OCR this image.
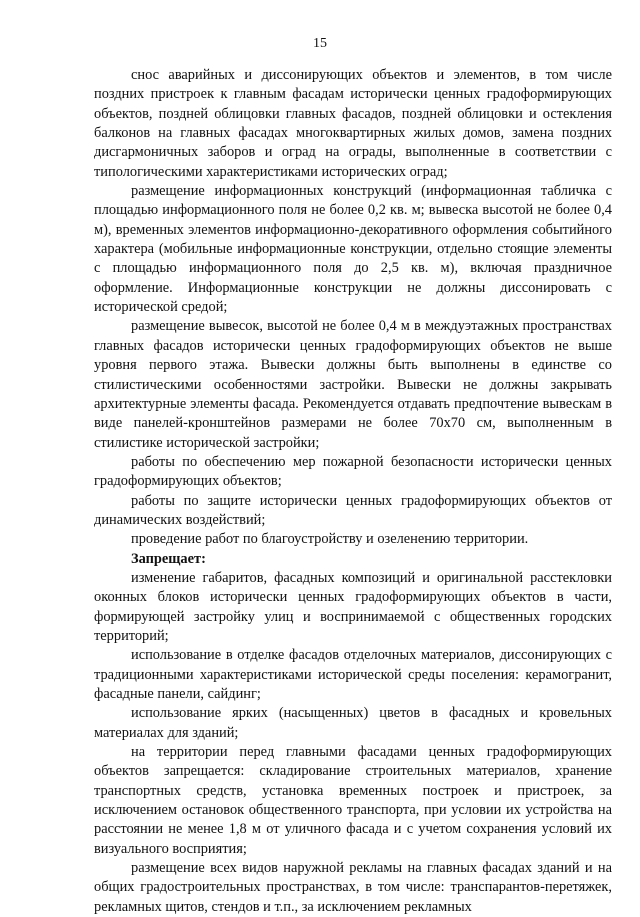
15

снос аварийных и диссонирующих объектов и элементов, в том числе поздних пристроек к главным фасадам исторически ценных градоформирующих объектов, поздней облицовки главных фасадов, поздней облицовки и остекления балконов на главных фасадах многоквартирных жилых домов, замена поздних дисгармоничных заборов и оград на ограды, выполненные в соответствии с типологическими характеристиками исторических оград;

размещение информационных конструкций (информационная табличка с площадью информационного поля не более 0,2 кв. м; вывеска высотой не более 0,4 м), временных элементов информационно-декоративного оформления событийного характера (мобильные информационные конструкции, отдельно стоящие элементы с площадью информационного поля до 2,5 кв. м), включая праздничное оформление. Информационные конструкции не должны диссонировать с исторической средой;

размещение вывесок, высотой не более 0,4 м в междуэтажных пространствах главных фасадов исторически ценных градоформирующих объектов не выше уровня первого этажа. Вывески должны быть выполнены в единстве со стилистическими особенностями застройки. Вывески не должны закрывать архитектурные элементы фасада. Рекомендуется отдавать предпочтение вывескам в виде панелей-кронштейнов размерами не более 70х70 см, выполненным в стилистике исторической застройки;

работы по обеспечению мер пожарной безопасности исторически ценных градоформирующих объектов;

работы по защите исторически ценных градоформирующих объектов от динамических воздействий;

проведение работ по благоустройству и озеленению территории.

Запрещает:

изменение габаритов, фасадных композиций и оригинальной расстекловки оконных блоков исторически ценных градоформирующих объектов в части, формирующей застройку улиц и воспринимаемой с общественных городских территорий;

использование в отделке фасадов отделочных материалов, диссонирующих с традиционными характеристиками исторической среды поселения: керамогранит, фасадные панели, сайдинг;

использование ярких (насыщенных) цветов в фасадных и кровельных материалах для зданий;

на территории перед главными фасадами ценных градоформирующих объектов запрещается: складирование строительных материалов, хранение транспортных средств, установка временных построек и пристроек, за исключением остановок общественного транспорта, при условии их устройства на расстоянии не менее 1,8 м от уличного фасада и с учетом сохранения условий их визуального восприятия;

размещение всех видов наружной рекламы на главных фасадах зданий и на общих градостроительных пространствах, в том числе: транспарантов-перетяжек, рекламных щитов, стендов и т.п., за исключением рекламных
